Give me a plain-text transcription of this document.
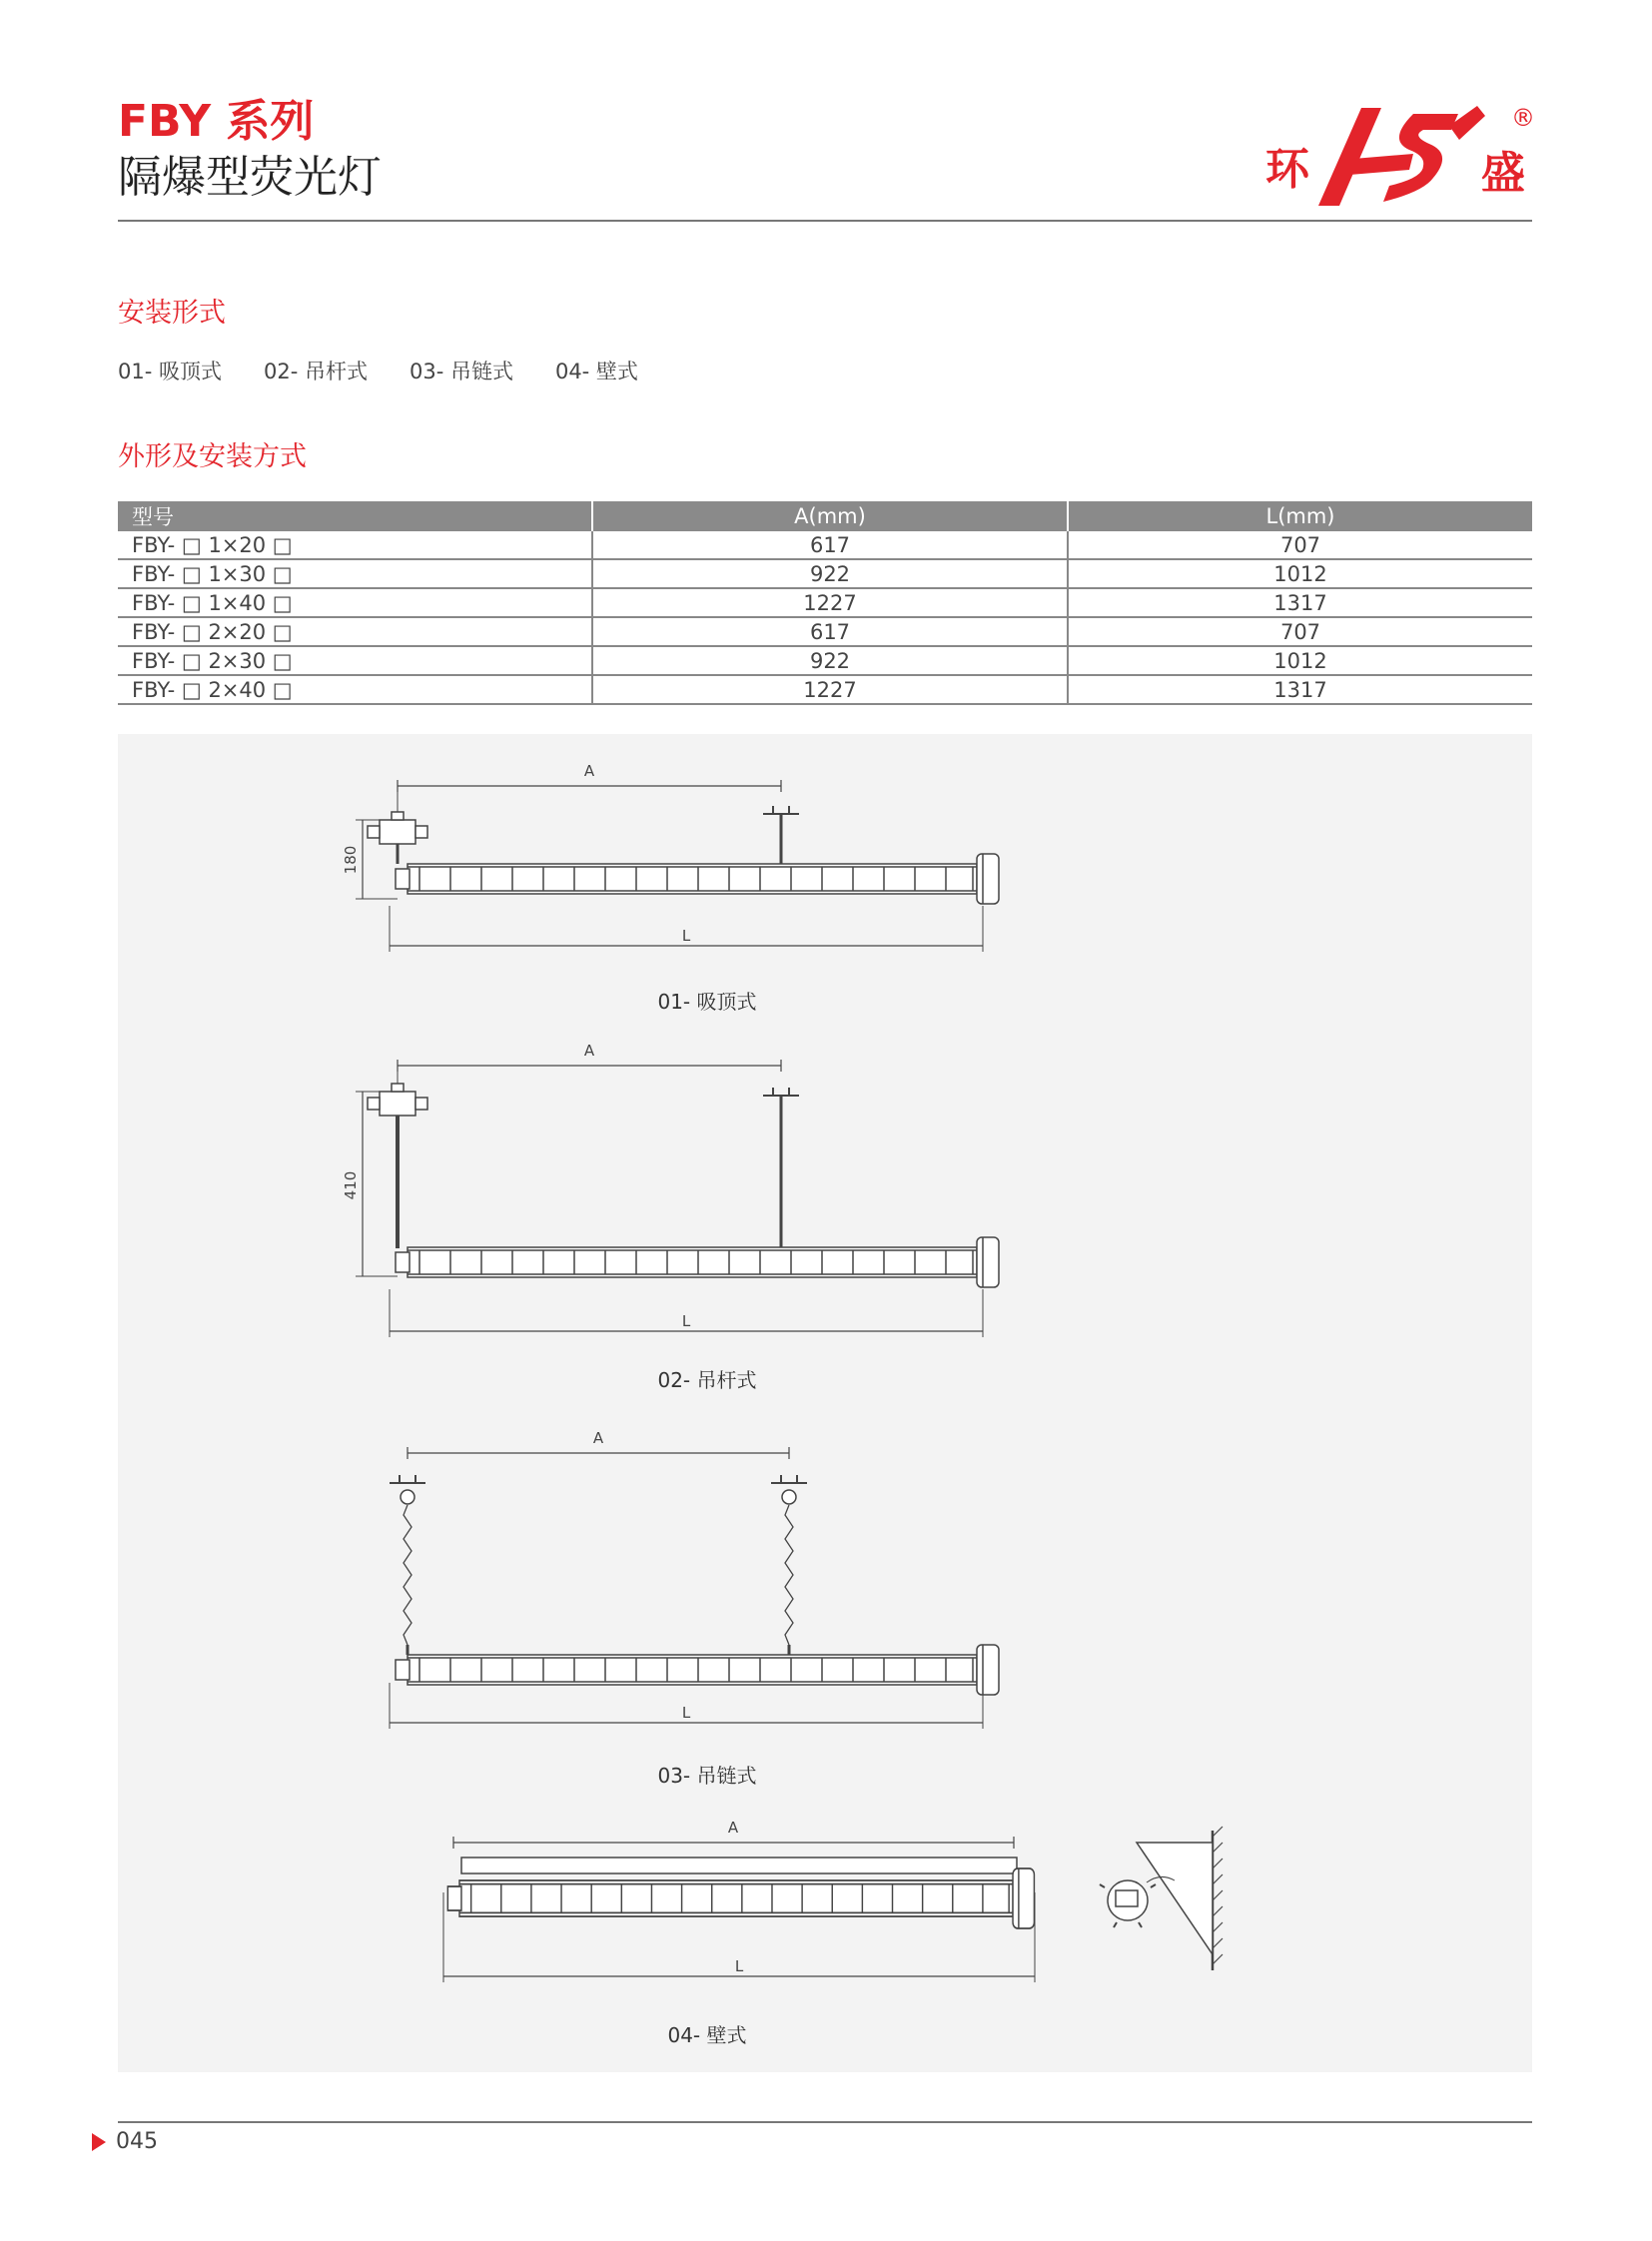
FBY 系列
隔爆型荧光灯	环	盛
®
安装形式
01- 吸顶式 02- 吊杆式 03- 吊链式 04- 壁式
外形及安装方式
型号	A(mm)	L(mm)
FBY- □ 1×20 □	617	707
FBY- □ 1×30 □	922	1012
FBY- □ 1×40 □	1227	1317
FBY- □ 2×20 □	617	707
FBY- □ 2×30 □	922	1012
FBY- □ 2×40 □	1227	1317
A
180
L
01- 吸顶式
A
410
L
02- 吊杆式
A
L
03- 吊链式
A
L
04- 壁式
045
